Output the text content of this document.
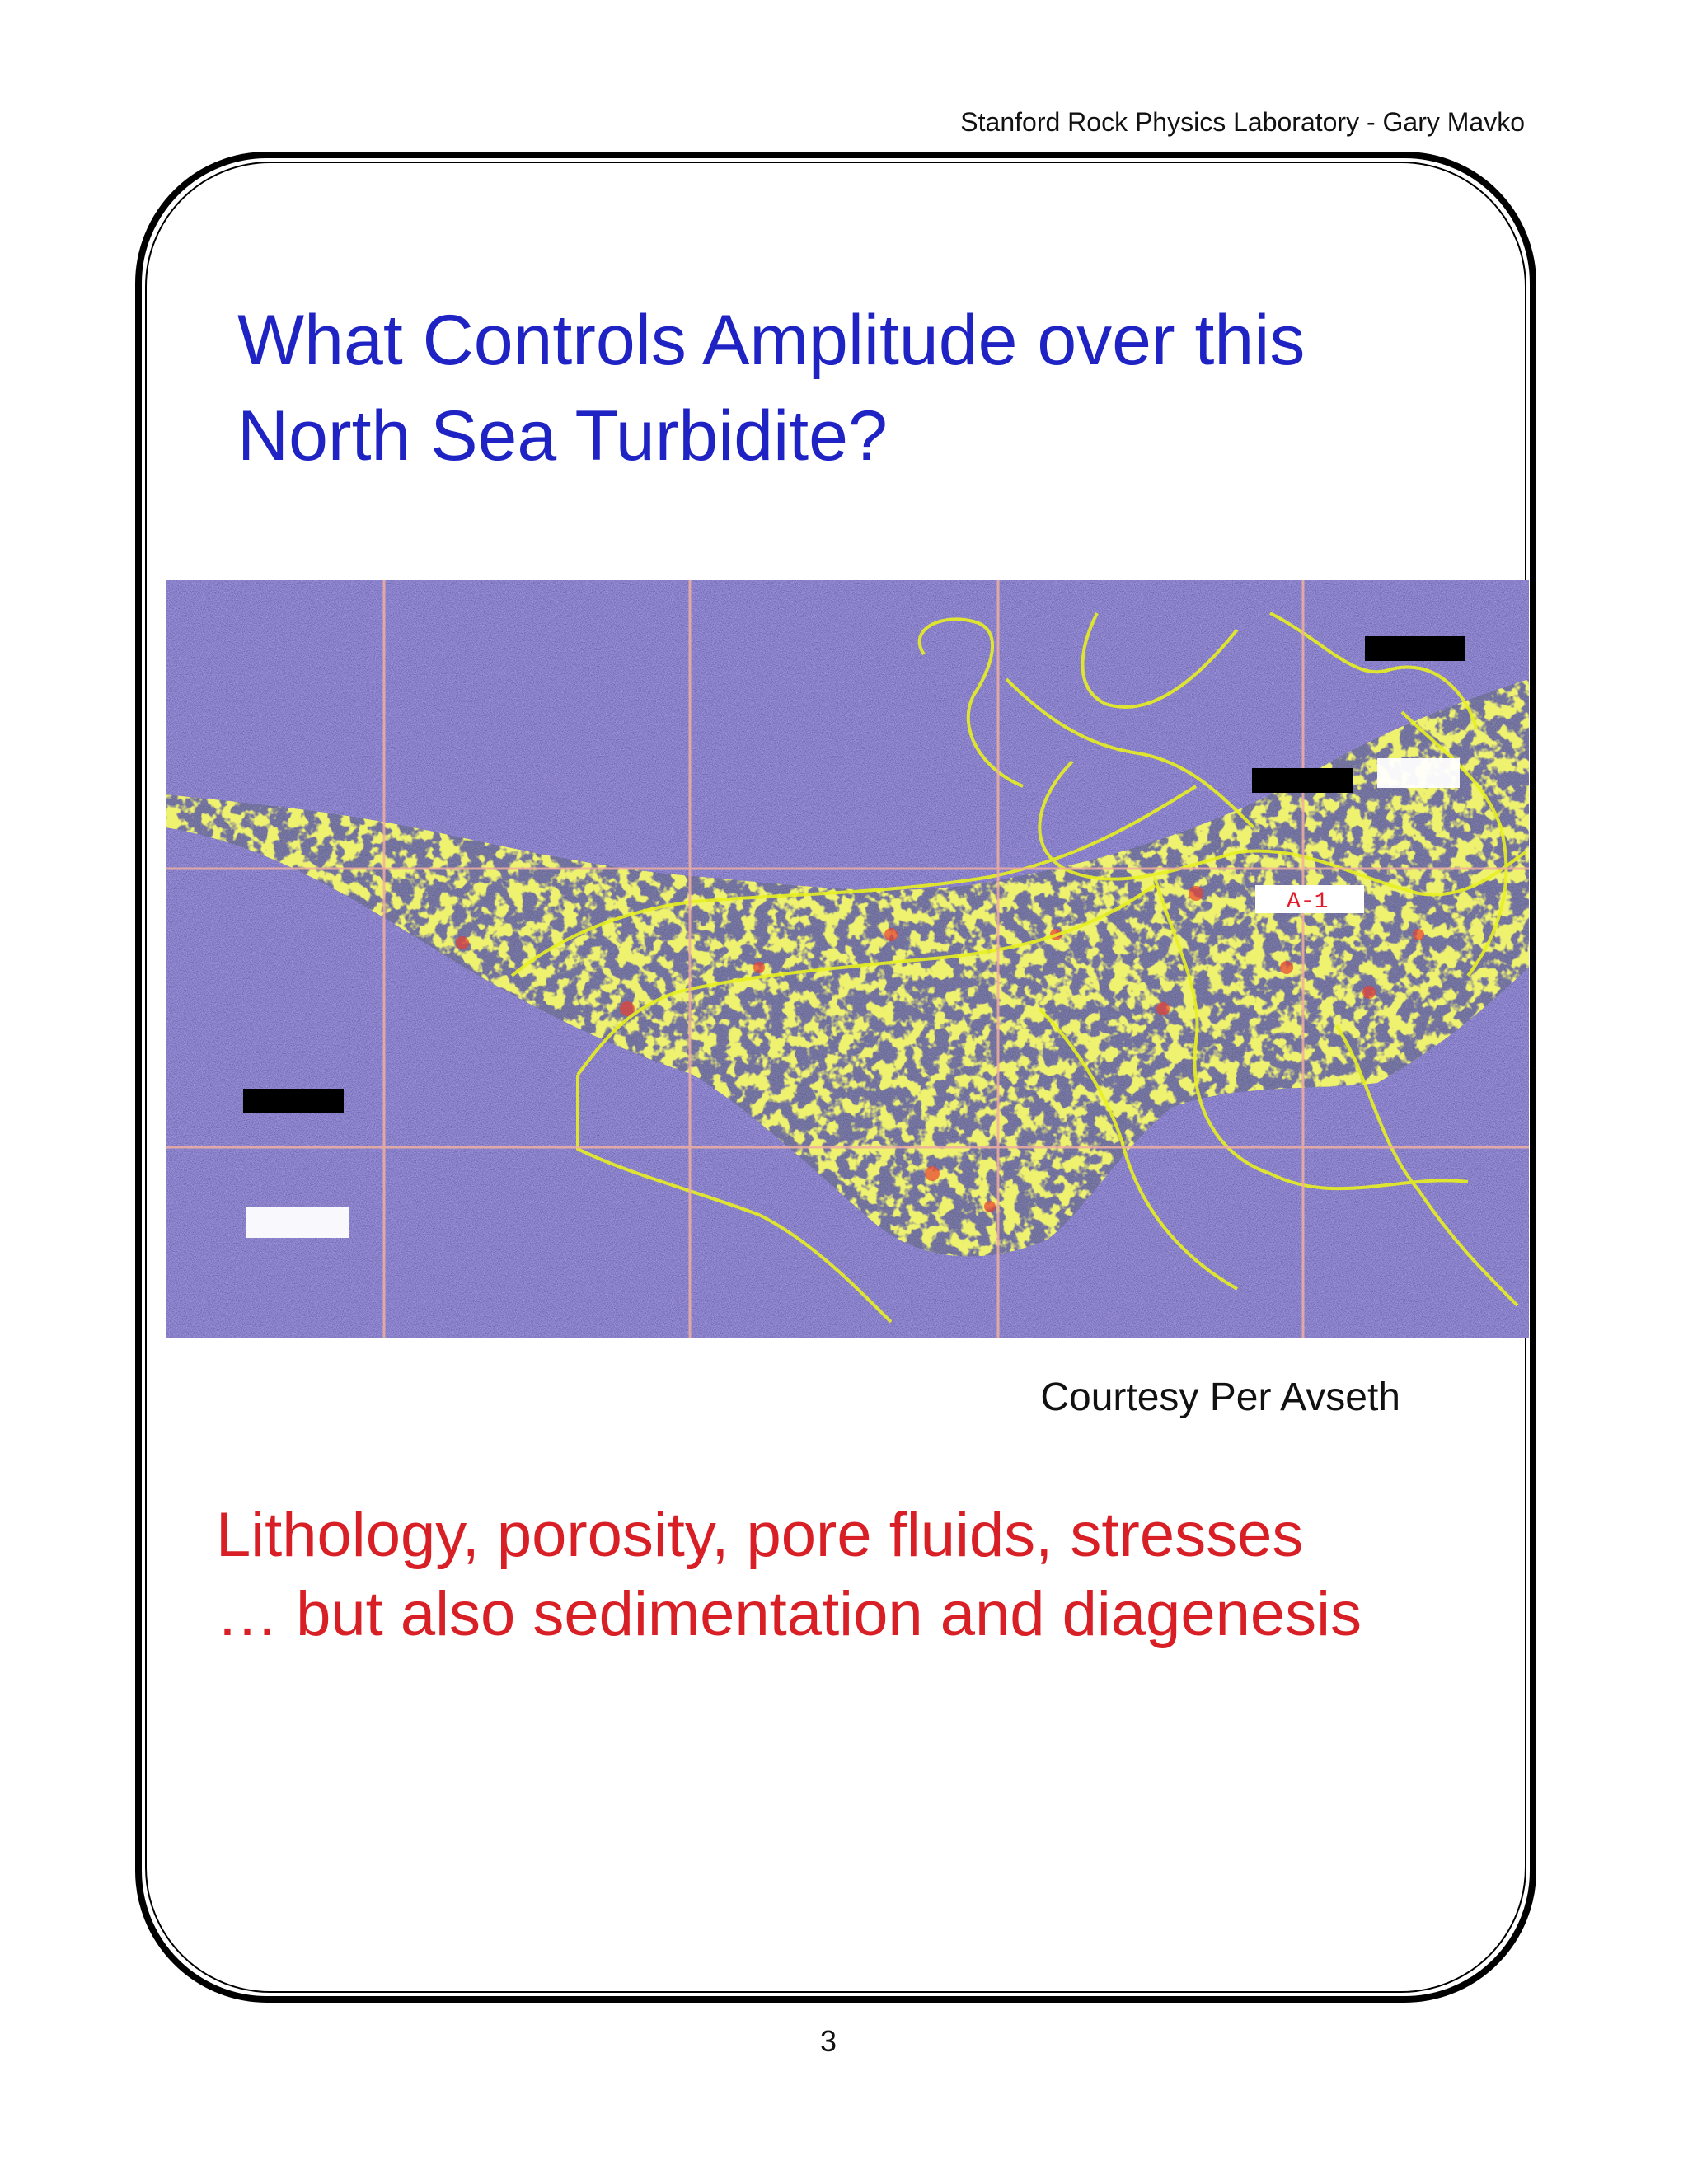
Stanford Rock Physics Laboratory - Gary Mavko
What Controls Amplitude over this
North Sea Turbidite?
A-1
Courtesy Per Avseth

Lithology, porosity, pore fluids, stresses
… but also sedimentation and diagenesis

3
